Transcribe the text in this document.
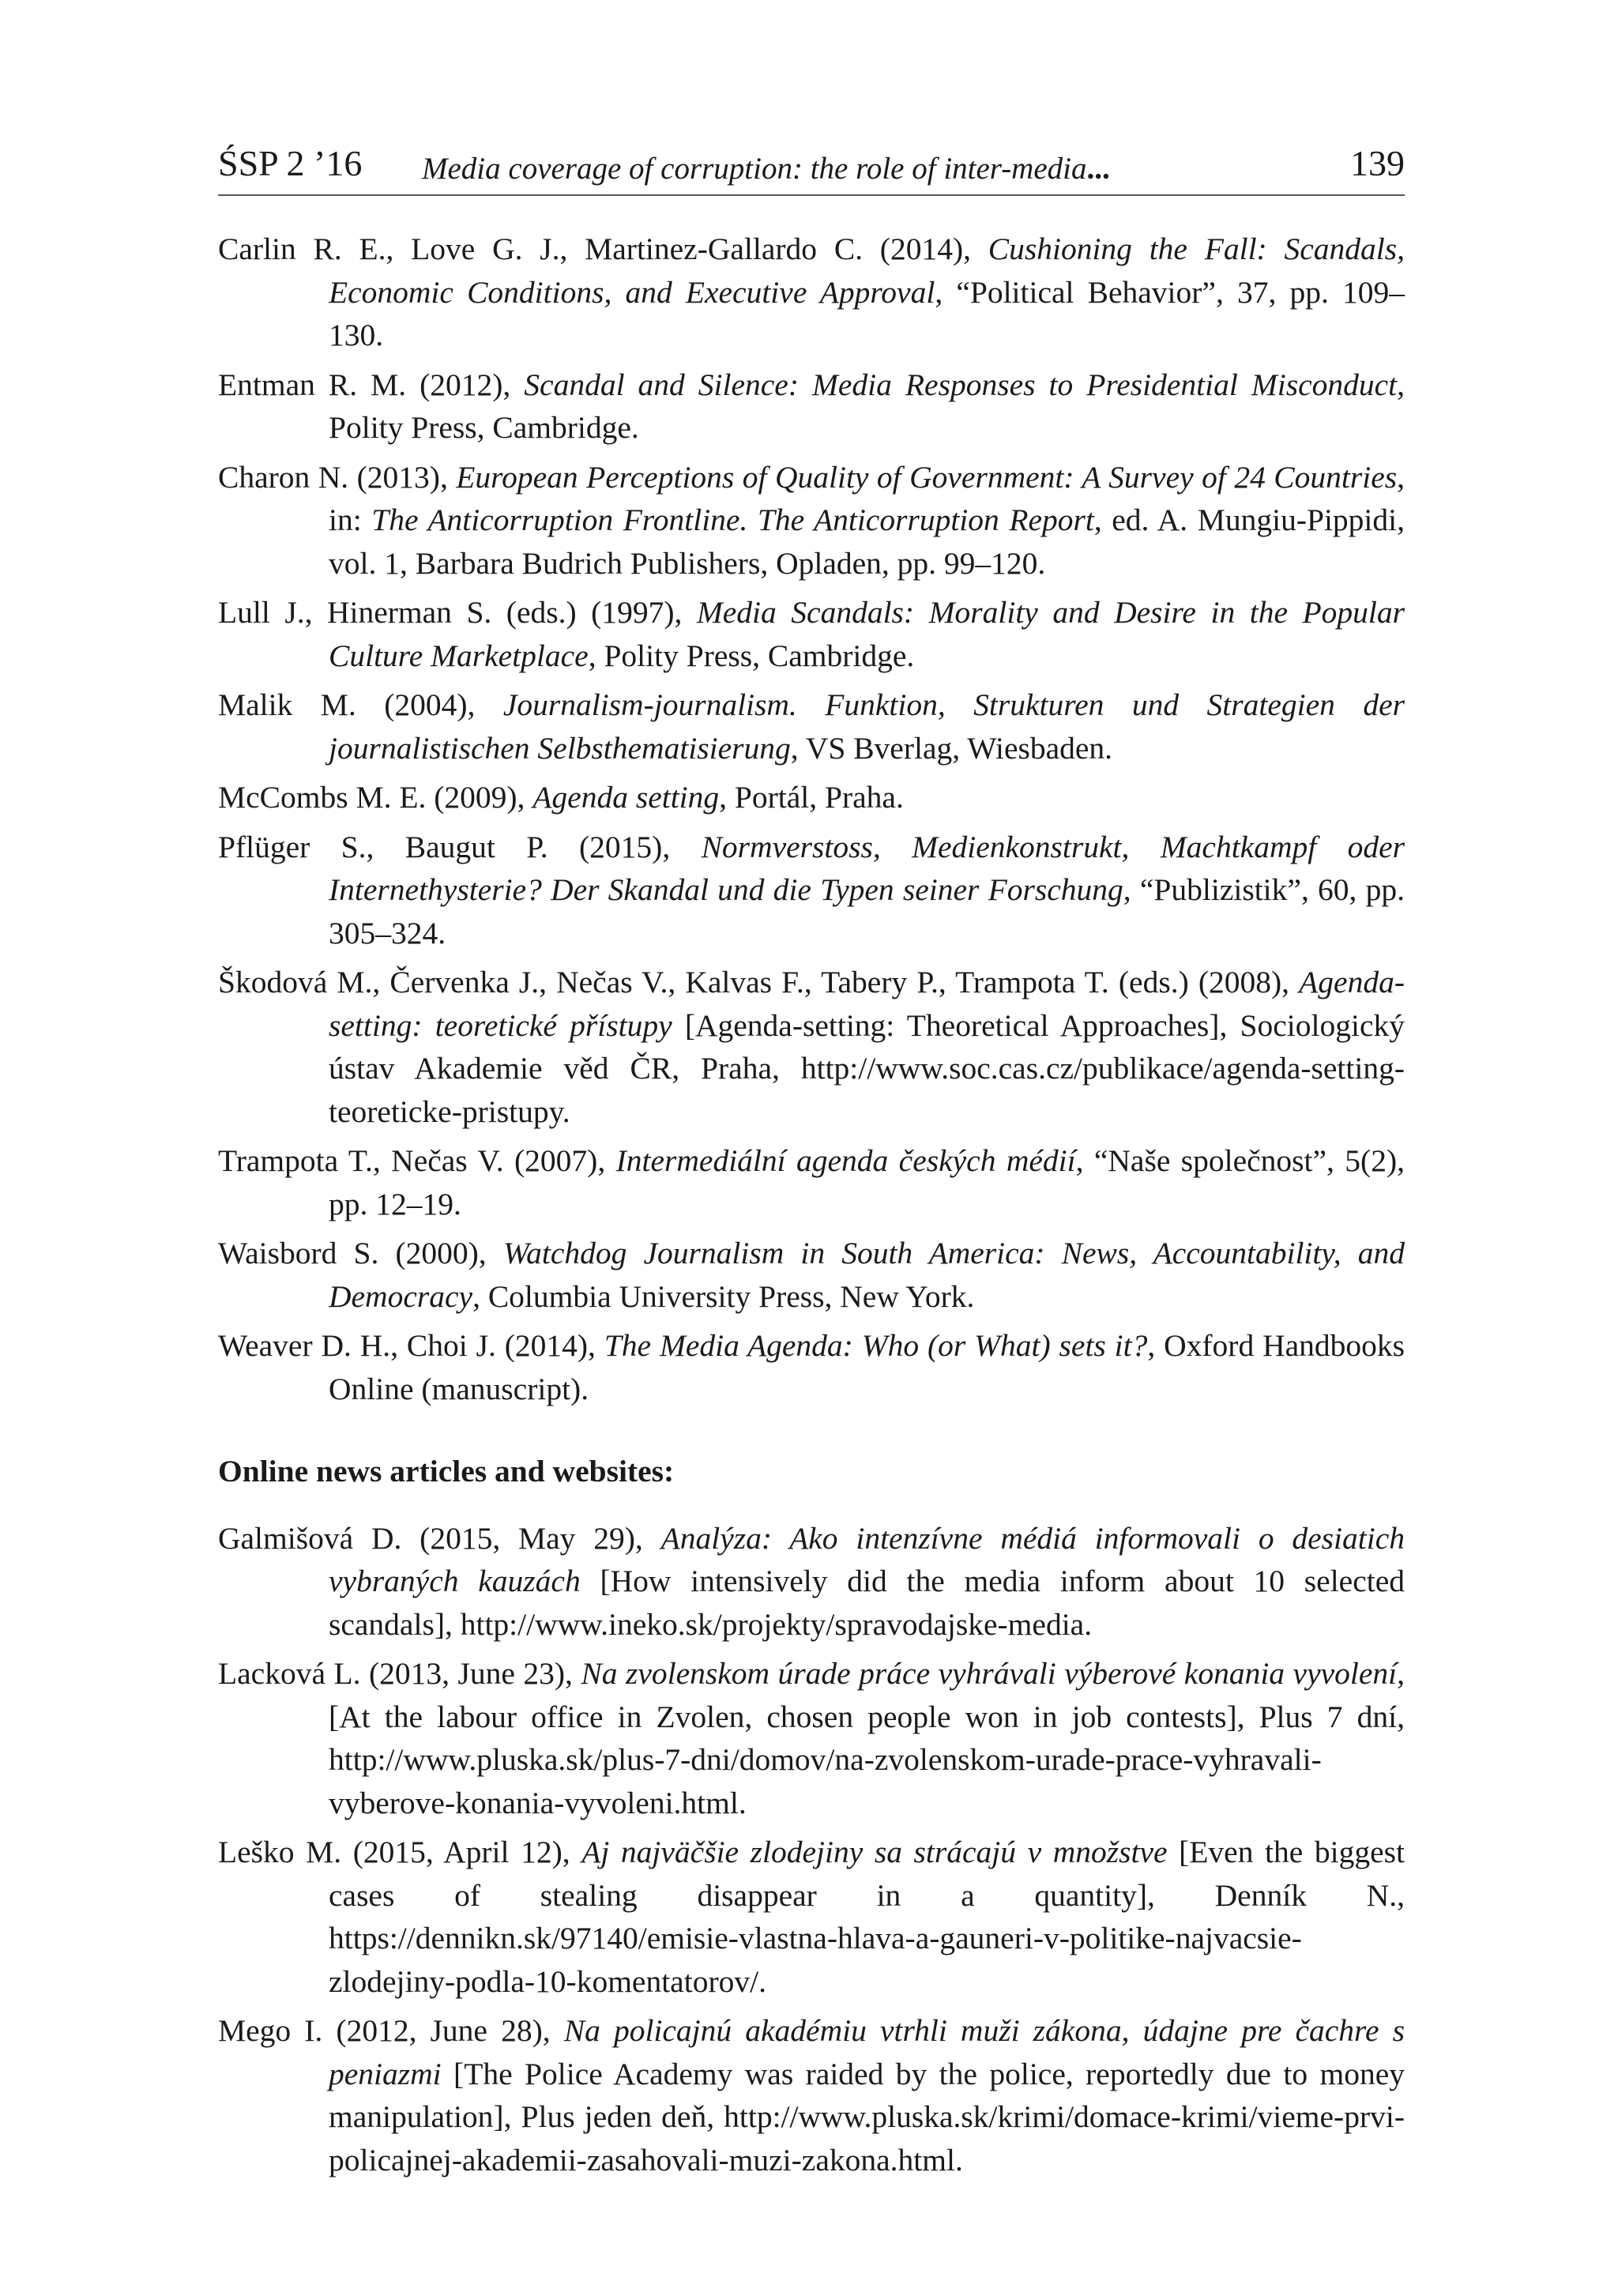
ŚSP 2 ’16 Media coverage of corruption: the role of inter-media...	139

Carlin R. E., Love G. J., Martinez-Gallardo C. (2014), Cushioning the Fall: Scandals, Economic Conditions, and Executive Approval, “Political Behavior”, 37, pp. 109–130.

Entman R. M. (2012), Scandal and Silence: Media Responses to Presidential Misconduct, Polity Press, Cambridge.

Charon N. (2013), European Perceptions of Quality of Government: A Survey of 24 Countries, in: The Anticorruption Frontline. The Anticorruption Report, ed. A. Mungiu-Pippidi, vol. 1, Barbara Budrich Publishers, Opladen, pp. 99–120.

Lull J., Hinerman S. (eds.) (1997), Media Scandals: Morality and Desire in the Popular Culture Marketplace, Polity Press, Cambridge.

Malik M. (2004), Journalism-journalism. Funktion, Strukturen und Strategien der journalistischen Selbsthematisierung, VS Bverlag, Wiesbaden.

McCombs M. E. (2009), Agenda setting, Portál, Praha.

Pflüger S., Baugut P. (2015), Normverstoss, Medienkonstrukt, Machtkampf oder Internethysterie? Der Skandal und die Typen seiner Forschung, “Publizistik”, 60, pp. 305–324.

Škodová M., Červenka J., Nečas V., Kalvas F., Tabery P., Trampota T. (eds.) (2008), Agenda-setting: teoretické přístupy [Agenda-setting: Theoretical Approaches], Sociologický ústav Akademie věd ČR, Praha, http://www.soc.cas.cz/publikace/agenda-setting-teoreticke-pristupy.

Trampota T., Nečas V. (2007), Intermediální agenda českých médií, “Naše společnost”, 5(2), pp. 12–19.

Waisbord S. (2000), Watchdog Journalism in South America: News, Accountability, and Democracy, Columbia University Press, New York.

Weaver D. H., Choi J. (2014), The Media Agenda: Who (or What) sets it?, Oxford Handbooks Online (manuscript).

Online news articles and websites:

Galmišová D. (2015, May 29), Analýza: Ako intenzívne médiá informovali o desiatich vybraných kauzách [How intensively did the media inform about 10 selected scandals], http://www.ineko.sk/projekty/spravodajske-media.

Lacková L. (2013, June 23), Na zvolenskom úrade práce vyhrávali výberové konania vyvolení, [At the labour office in Zvolen, chosen people won in job contests], Plus 7 dní, http://www.pluska.sk/plus-7-dni/domov/na-zvolenskom-urade-prace-vyhravali-vyberove-konania-vyvoleni.html.

Leško M. (2015, April 12), Aj najväčšie zlodejiny sa strácajú v množstve [Even the biggest cases of stealing disappear in a quantity], Denník N., https://dennikn.sk/97140/emisie-vlastna-hlava-a-gauneri-v-politike-najvacsie-zlodejiny-podla-10-komentatorov/.

Mego I. (2012, June 28), Na policajnú akadémiu vtrhli muži zákona, údajne pre čachre s peniazmi [The Police Academy was raided by the police, reportedly due to money manipulation], Plus jeden deň, http://www.pluska.sk/krimi/domace-krimi/vieme-prvi-policajnej-akademii-zasahovali-muzi-zakona.html.
